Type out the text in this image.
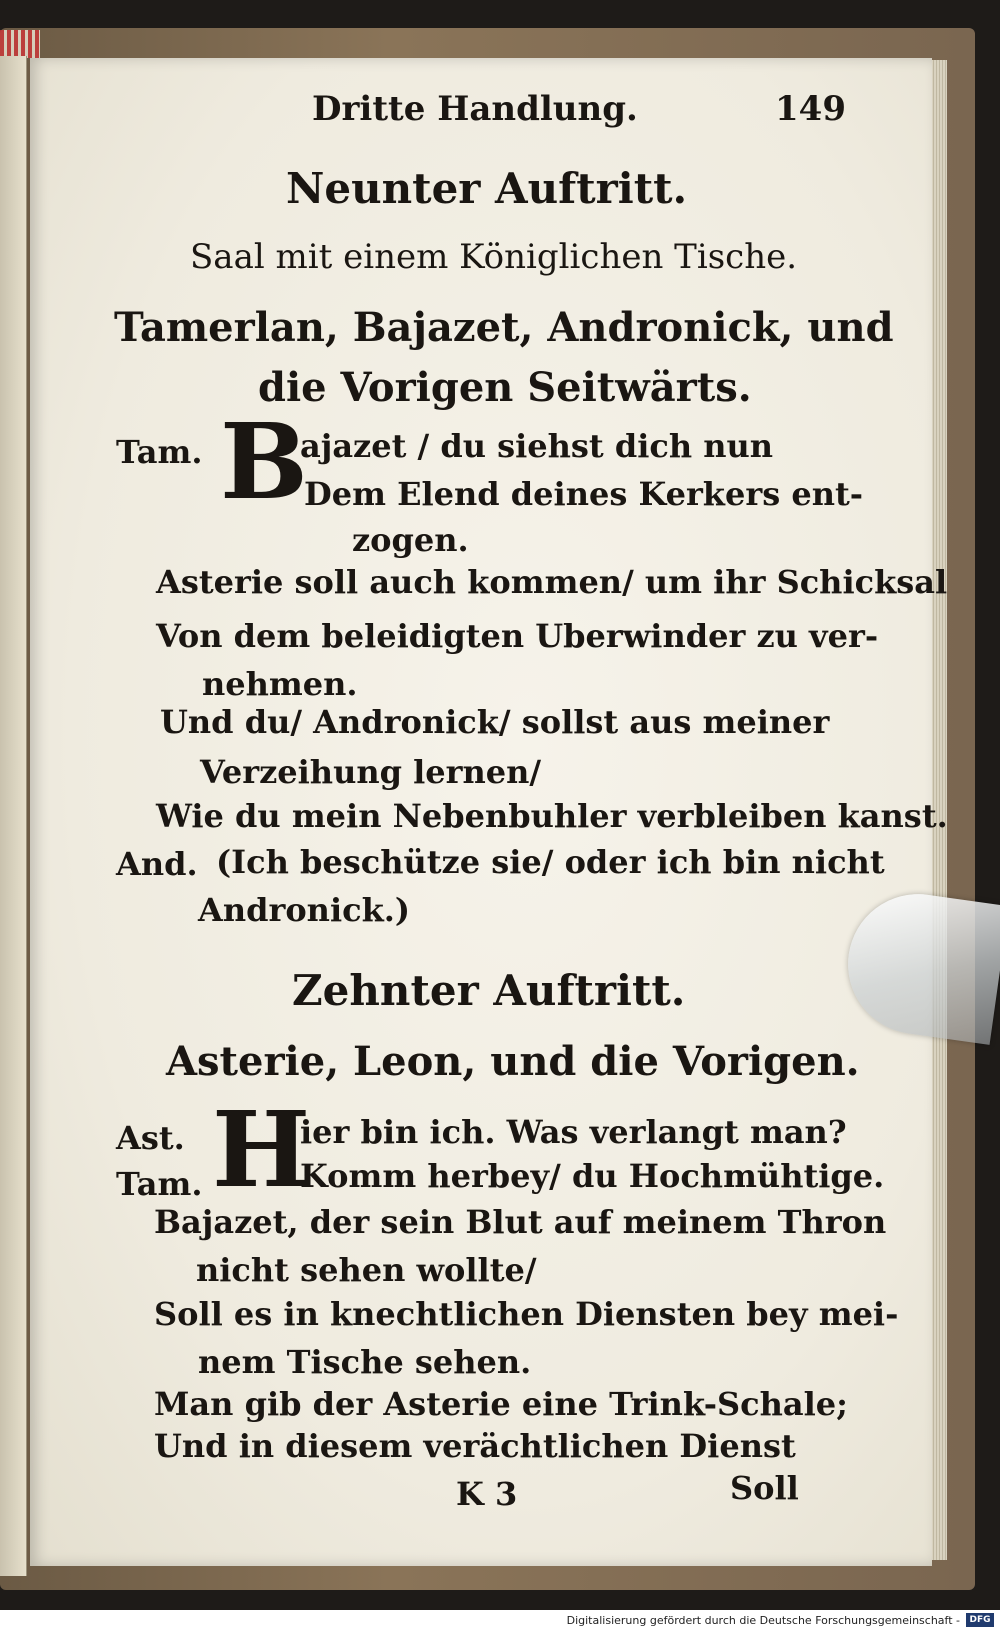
Dritte Handlung.	149
Neunter Auftritt.
Saal mit einem Königlichen Tische.
Tamerlan, Bajazet, Andronick, und
die Vorigen Seitwärts.
Tam. B
ajazet / du siehst dich nun
Dem Elend deines Kerkers ent-
zogen.
Asterie soll auch kommen/ um ihr Schicksal
Von dem beleidigten Uberwinder zu ver-
nehmen.
Und du/ Andronick/ sollst aus meiner
Verzeihung lernen/
Wie du mein Nebenbuhler verbleiben kanst.
And. (Ich beschütze sie/ oder ich bin nicht
Andronick.)
Zehnter Auftritt.
Asterie, Leon, und die Vorigen.
Ast. H
ier bin ich. Was verlangt man?
Tam.	Komm herbey/ du Hochmühtige.
Bajazet, der sein Blut auf meinem Thron
nicht sehen wollte/
Soll es in knechtlichen Diensten bey mei-
nem Tische sehen.
Man gib der Asterie eine Trink-Schale;
Und in diesem verächtlichen Dienst
K 3	Soll
Digitalisierung gefördert durch die Deutsche Forschungsgemeinschaft -	DFG
